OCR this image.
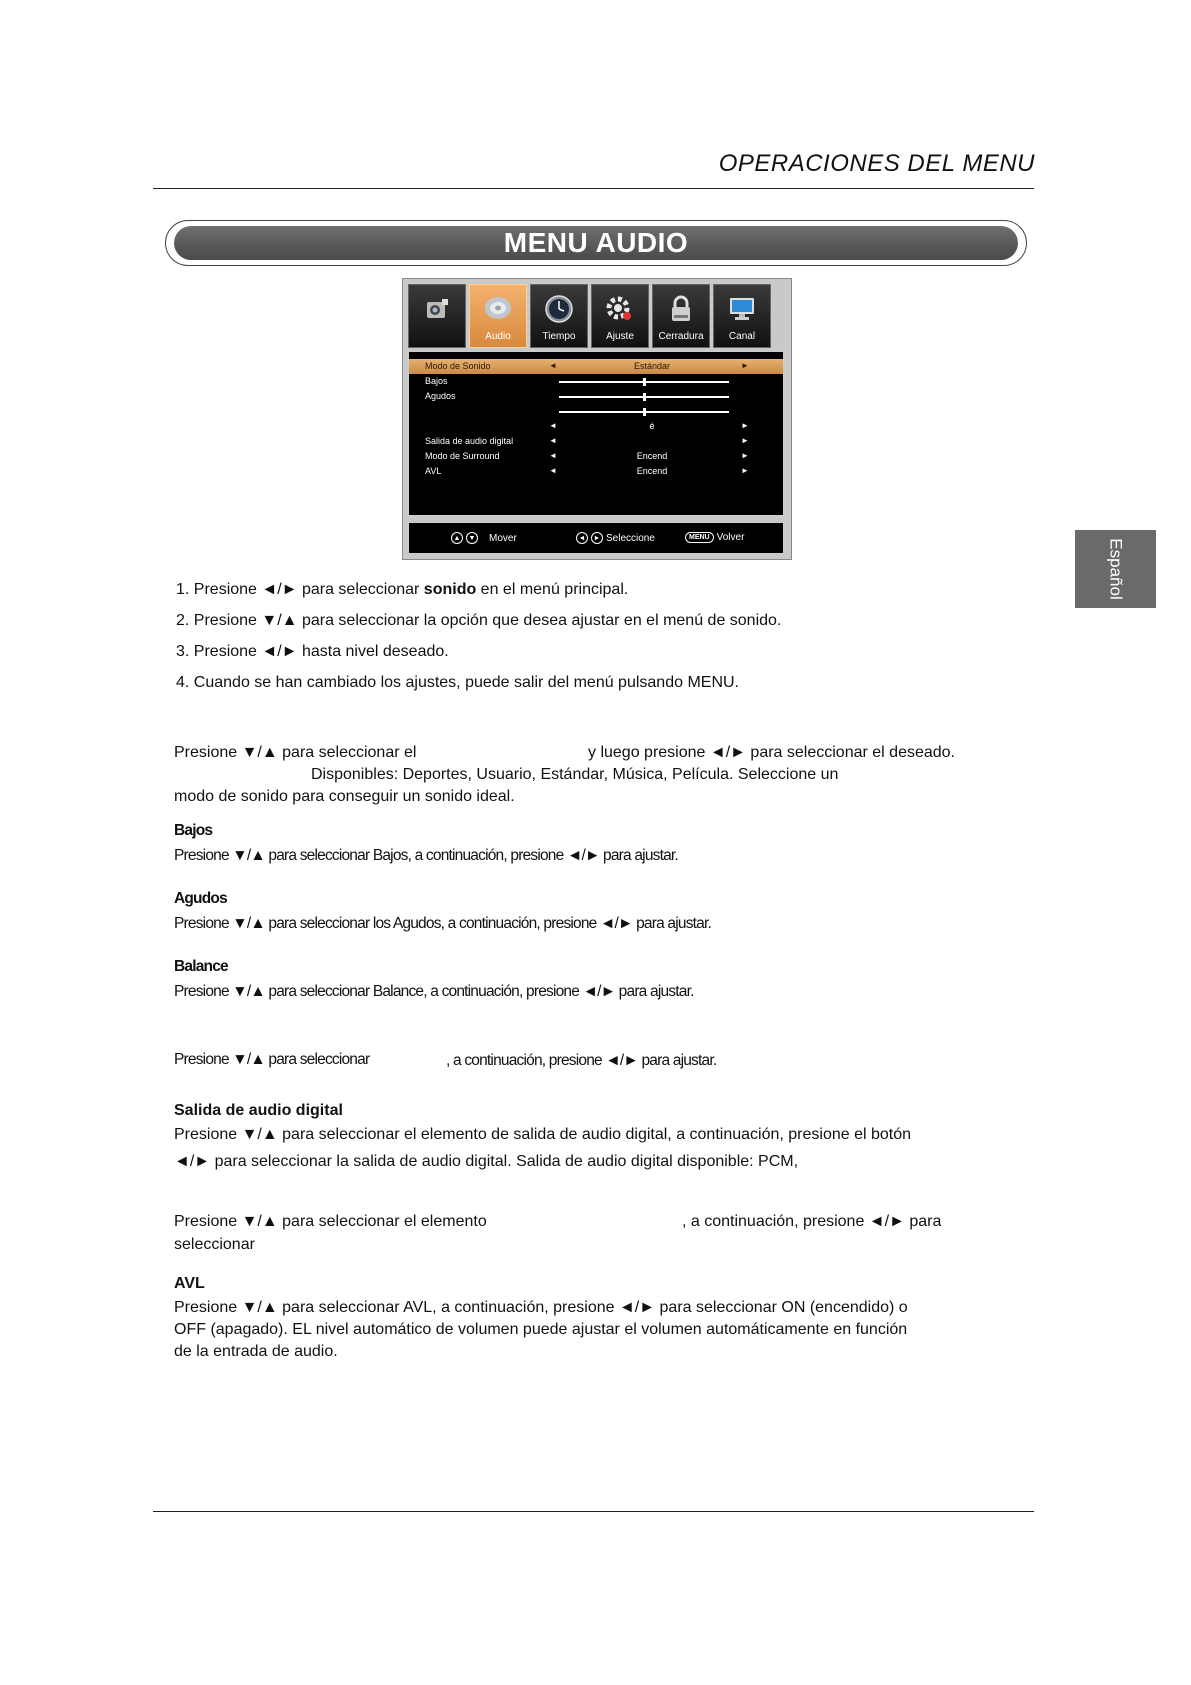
OPERACIONES DEL MENU
MENU AUDIO
Audio	Tiempo	Ajuste Cerradura	Canal
Modo de Sonido	◄	Estándar	►
Bajos
Agudos
◄	é	►
Salida de audio digital	◄	►
Modo de Surround	◄	Encend	►
AVL	◄	Encend	►
▲	▼ Mover	◄	► Seleccione	MENU Volver
1. Presione ◄/► para seleccionar sonido en el menú principal.
2. Presione ▼/▲ para seleccionar la opción que desea ajustar en el menú de sonido.
3. Presione ◄/► hasta nivel deseado.
4. Cuando se han cambiado los ajustes, puede salir del menú pulsando MENU.
Presione ▼/▲ para seleccionar el	y luego presione ◄/► para seleccionar el deseado.
Disponibles: Deportes, Usuario, Estándar, Música, Película. Seleccione un
modo de sonido para conseguir un sonido ideal.
Bajos
Presione ▼/▲ para seleccionar Bajos, a continuación, presione ◄/► para ajustar.
Agudos
Presione ▼/▲ para seleccionar los Agudos, a continuación, presione ◄/► para ajustar.
Balance
Presione ▼/▲ para seleccionar Balance, a continuación, presione ◄/► para ajustar.
Presione ▼/▲ para seleccionar	, a continuación, presione ◄/► para ajustar.
Salida de audio digital
Presione ▼/▲ para seleccionar el elemento de salida de audio digital, a continuación, presione el botón
◄/► para seleccionar la salida de audio digital. Salida de audio digital disponible: PCM,
Presione ▼/▲ para seleccionar el elemento	, a continuación, presione ◄/► para
seleccionar
AVL
Presione ▼/▲ para seleccionar AVL, a continuación, presione ◄/► para seleccionar ON (encendido) o
OFF (apagado). EL nivel automático de volumen puede ajustar el volumen automáticamente en función
de la entrada de audio.
Español
